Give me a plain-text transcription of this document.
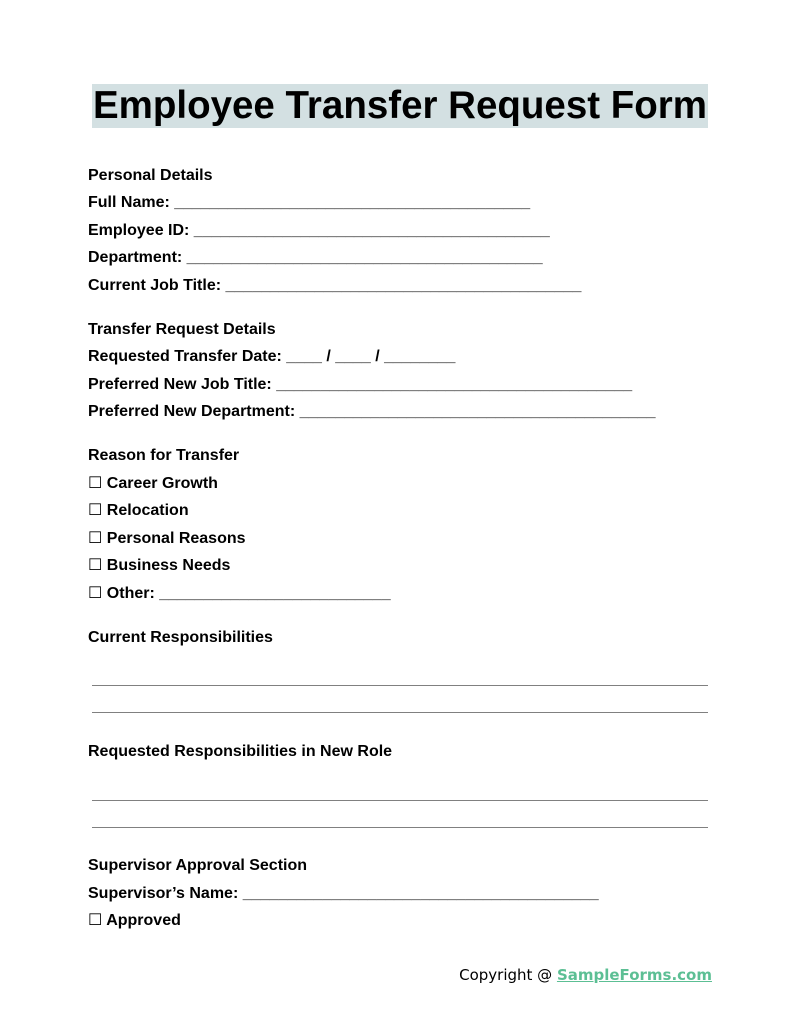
Employee Transfer Request Form
Personal Details
Full Name: ________________________________________
Employee ID: ________________________________________
Department: ________________________________________
Current Job Title: ________________________________________
Transfer Request Details
Requested Transfer Date: ____ / ____ / ________
Preferred New Job Title: ________________________________________
Preferred New Department: ________________________________________
Reason for Transfer
☐ Career Growth
☐ Relocation
☐ Personal Reasons
☐ Business Needs
☐ Other: __________________________
Current Responsibilities
Requested Responsibilities in New Role
Supervisor Approval Section
Supervisor’s Name: ________________________________________
☐ Approved
Copyright @ SampleForms.com
